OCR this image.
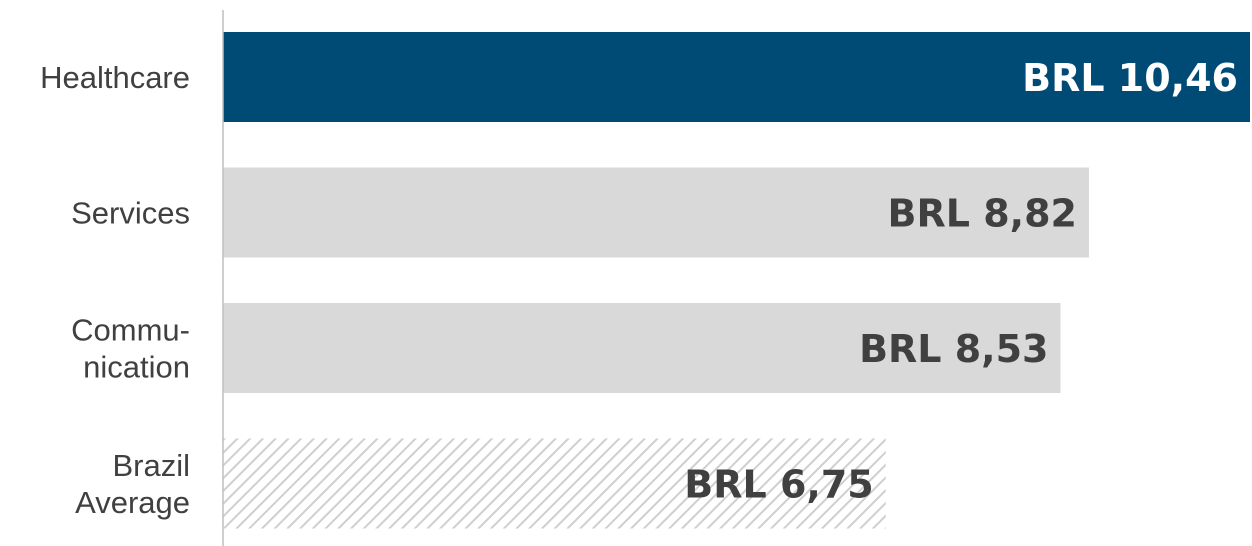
Healthcare
Services
Commu-nication
Brazil Average
BRL 10,46
BRL 8,82
BRL 8,53
BRL 6,75
